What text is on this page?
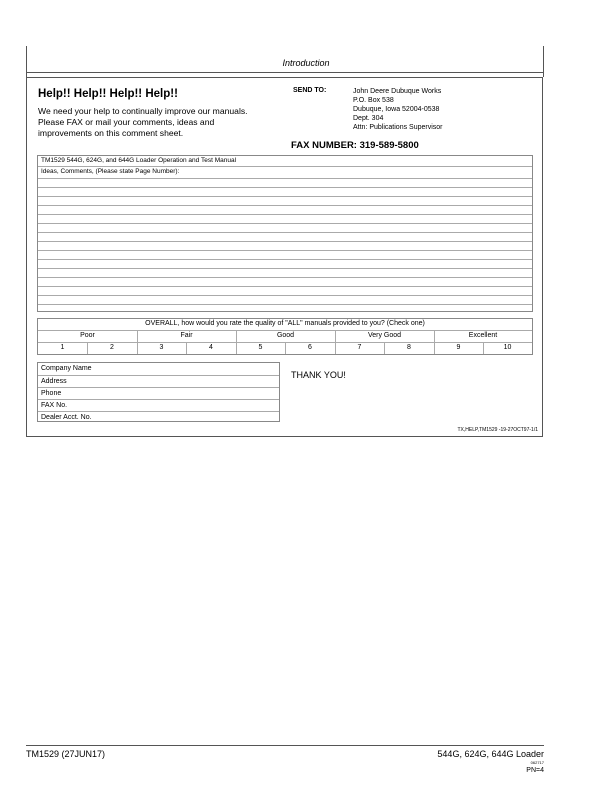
Introduction
Help!! Help!! Help!! Help!!
We need your help to continually improve our manuals.
Please FAX or mail your comments, ideas and
improvements on this comment sheet.
SEND TO:	John Deere Dubuque Works
P.O. Box 538
Dubuque, Iowa 52004-0538
Dept. 304
Attn: Publications Supervisor
FAX NUMBER: 319-589-5800
TM1529 544G, 624G, and 644G Loader Operation and Test Manual
Ideas, Comments, (Please state Page Number):
OVERALL, how would you rate the quality of "ALL" manuals provided to you? (Check one)
Poor	Fair	Good	Very Good	Excellent
1	2	3	4	5	6	7	8	9	10
Company Name
Address
Phone
FAX No.
Dealer Acct. No.
THANK YOU!
TX,HELP,TM1529 -19-27OCT97-1/1
TM1529 (27JUN17)	544G, 624G, 644G Loader
062717
PN=4
